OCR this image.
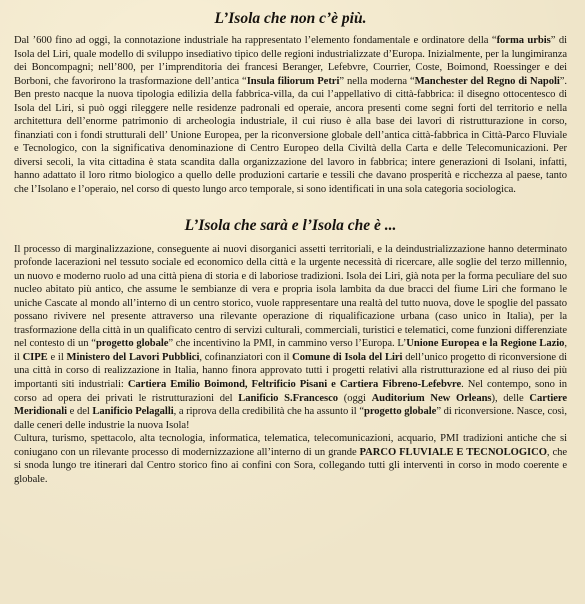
L’Isola che non c’è più.

Dal ’600 fino ad oggi, la connotazione industriale ha rappresentato l’elemento fondamentale e ordinatore della “forma urbis” di Isola del Liri, quale modello di sviluppo insediativo tipico delle regioni industrializzate d’Europa. Inizialmente, per la lungimiranza dei Boncompagni; nell’800, per l’imprenditoria dei francesi Beranger, Lefebvre, Courrier, Coste, Boimond, Roessinger e dei Borboni, che favorirono la trasformazione dell’antica “Insula filiorum Petri” nella moderna “Manchester del Regno di Napoli”. Ben presto nacque la nuova tipologia edilizia della fabbrica-villa, da cui l’appellativo di città-fabbrica: il disegno ottocentesco di Isola del Liri, si può oggi rileggere nelle residenze padronali ed operaie, ancora presenti come segni forti del territorio e nella architettura dell’enorme patrimonio di archeologia industriale, il cui riuso è alla base dei lavori di ristrutturazione in corso, finanziati con i fondi strutturali dell’ Unione Europea, per la riconversione globale dell’antica città-fabbrica in Città-Parco Fluviale e Tecnologico, con la significativa denominazione di Centro Europeo della Civiltà della Carta e delle Telecomunicazioni. Per diversi secoli, la vita cittadina è stata scandita dalla organizzazione del lavoro in fabbrica; intere generazioni di Isolani, infatti, hanno adattato il loro ritmo biologico a quello delle produzioni cartarie e tessili che davano prosperità e ricchezza al paese, tanto che l’Isolano e l’operaio, nel corso di questo lungo arco temporale, si sono identificati in una sola categoria sociologica.

L’Isola che sarà e l’Isola che è ...

Il processo di marginalizzazione, conseguente ai nuovi disorganici assetti territoriali, e la deindustrializzazione hanno determinato profonde lacerazioni nel tessuto sociale ed economico della città e la urgente necessità di ricercare, alle soglie del terzo millennio, un nuovo e moderno ruolo ad una città piena di storia e di laboriose tradizioni. Isola dei Liri, già nota per la forma peculiare del suo nucleo abitato più antico, che assume le sembianze di vera e propria isola lambita da due bracci del fiume Liri che formano le uniche Cascate al mondo all’interno di un centro storico, vuole rappresentare una realtà del tutto nuova, dove le spoglie del passato possano rivivere nel presente attraverso una rilevante operazione di riqualificazione urbana (caso unico in Italia), per la trasformazione della città in un qualificato centro di servizi culturali, commerciali, turistici e telematici, come funzioni differenziate nel contesto di un “progetto globale” che incentivino la PMI, in cammino verso l’Europa. L’Unione Europea e la Regione Lazio, il CIPE e il Ministero del Lavori Pubblici, cofinanziatori con il Comune di Isola del Liri dell’unico progetto di riconversione di una città in corso di realizzazione in Italia, hanno finora approvato tutti i progetti relativi alla ristrutturazione ed al riuso dei più importanti siti industriali: Cartiera Emilio Boimond, Feltrificio Pisani e Cartiera Fibreno-Lefebvre. Nel contempo, sono in corso ad opera dei privati le ristrutturazioni del Lanificio S.Francesco (oggi Auditorium New Orleans), delle Cartiere Meridionali e del Lanificio Pelagalli, a riprova della credibilità che ha assunto il “progetto globale” di riconversione. Nasce, così, dalle ceneri delle industrie la nuova Isola!
Cultura, turismo, spettacolo, alta tecnologia, informatica, telematica, telecomunicazioni, acquario, PMI tradizioni antiche che si coniugano con un rilevante processo di modernizzazione all’interno di un grande PARCO FLUVIALE E TECNOLOGICO, che si snoda lungo tre itinerari dal Centro storico fino ai confini con Sora, collegando tutti gli interventi in corso in modo coerente e globale.
